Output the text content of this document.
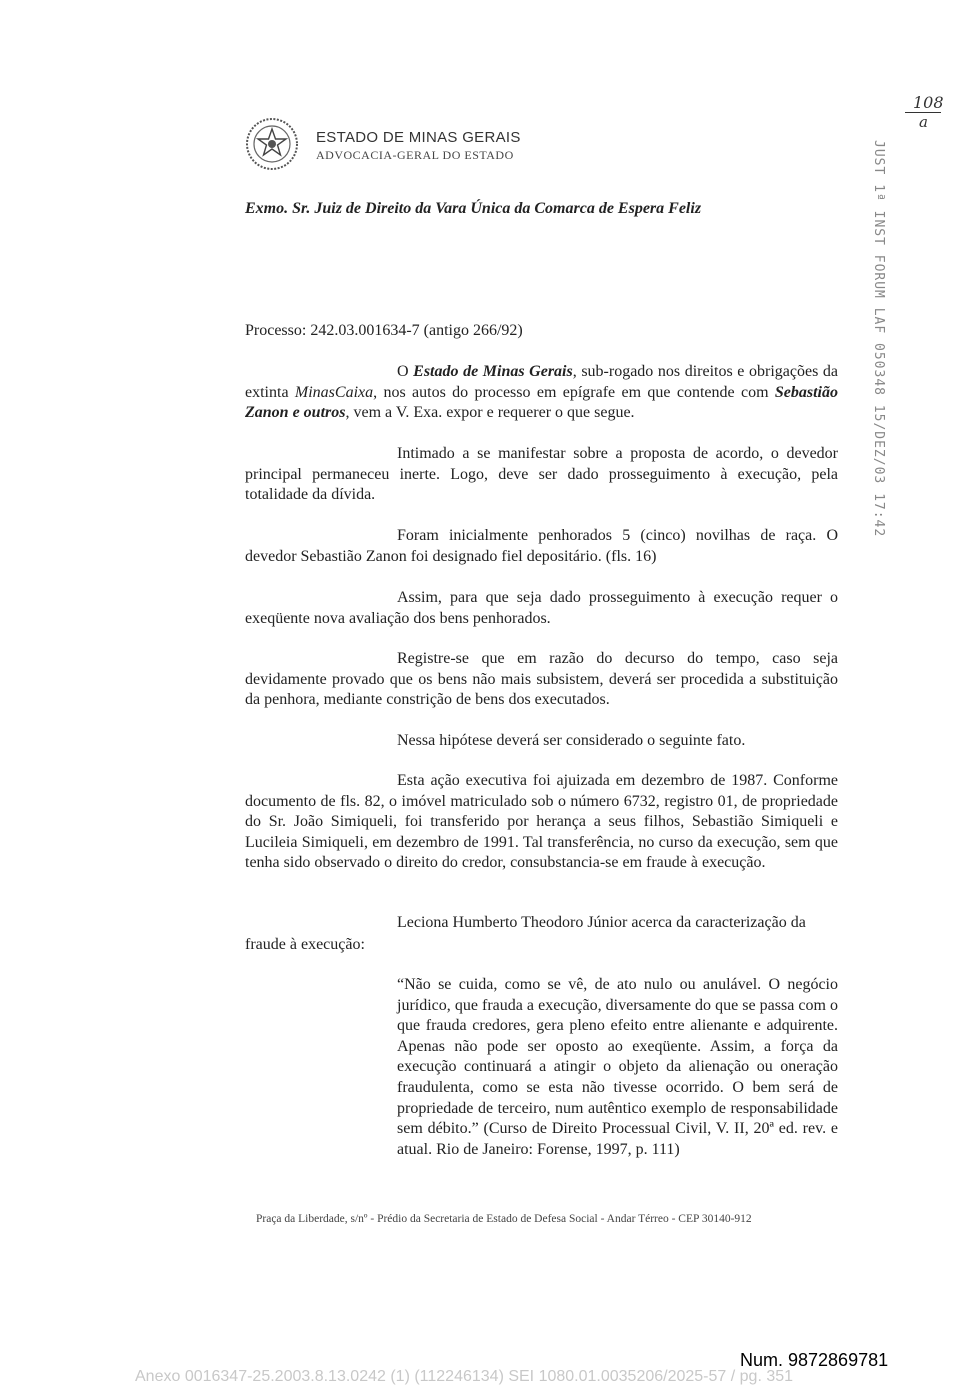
ESTADO DE MINAS GERAIS
ADVOCACIA-GERAL DO ESTADO
Exmo. Sr. Juiz de Direito da Vara Única da Comarca de Espera Feliz
Processo: 242.03.001634-7 (antigo 266/92)
O Estado de Minas Gerais, sub-rogado nos direitos e obrigações da extinta MinasCaixa, nos autos do processo em epígrafe em que contende com Sebastião Zanon e outros, vem a V. Exa. expor e requerer o que segue.
Intimado a se manifestar sobre a proposta de acordo, o devedor principal permaneceu inerte. Logo, deve ser dado prosseguimento à execução, pela totalidade da dívida.
Foram inicialmente penhorados 5 (cinco) novilhas de raça. O devedor Sebastião Zanon foi designado fiel depositário. (fls. 16)
Assim, para que seja dado prosseguimento à execução requer o exeqüente nova avaliação dos bens penhorados.
Registre-se que em razão do decurso do tempo, caso seja devidamente provado que os bens não mais subsistem, deverá ser procedida a substituição da penhora, mediante constrição de bens dos executados.
Nessa hipótese deverá ser considerado o seguinte fato.
Esta ação executiva foi ajuizada em dezembro de 1987. Conforme documento de fls. 82, o imóvel matriculado sob o número 6732, registro 01, de propriedade do Sr. João Simiqueli, foi transferido por herança a seus filhos, Sebastião Simiqueli e Lucileia Simiqueli, em dezembro de 1991. Tal transferência, no curso da execução, sem que tenha sido observado o direito do credor, consubstancia-se em fraude à execução.
Leciona Humberto Theodoro Júnior acerca da caracterização da
fraude à execução:
“Não se cuida, como se vê, de ato nulo ou anulável. O negócio jurídico, que frauda a execução, diversamente do que se passa com o que frauda credores, gera pleno efeito entre alienante e adquirente. Apenas não pode ser oposto ao exeqüente. Assim, a força da execução continuará a atingir o objeto da alienação ou oneração fraudulenta, como se esta não tivesse ocorrido. O bem será de propriedade de terceiro, num autêntico exemplo de responsabilidade sem débito.” (Curso de Direito Processual Civil, V. II, 20ª ed. rev. e atual. Rio de Janeiro: Forense, 1997, p. 111)
Praça da Liberdade, s/nº - Prédio da Secretaria de Estado de Defesa Social - Andar Térreo - CEP 30140-912
JUST 1ª INST FORUM LAF 050348 15/DEZ/03 17:42
108
a
Num. 9872869781
Anexo 0016347-25.2003.8.13.0242 (1) (112246134) SEI 1080.01.0035206/2025-57 / pg. 351
